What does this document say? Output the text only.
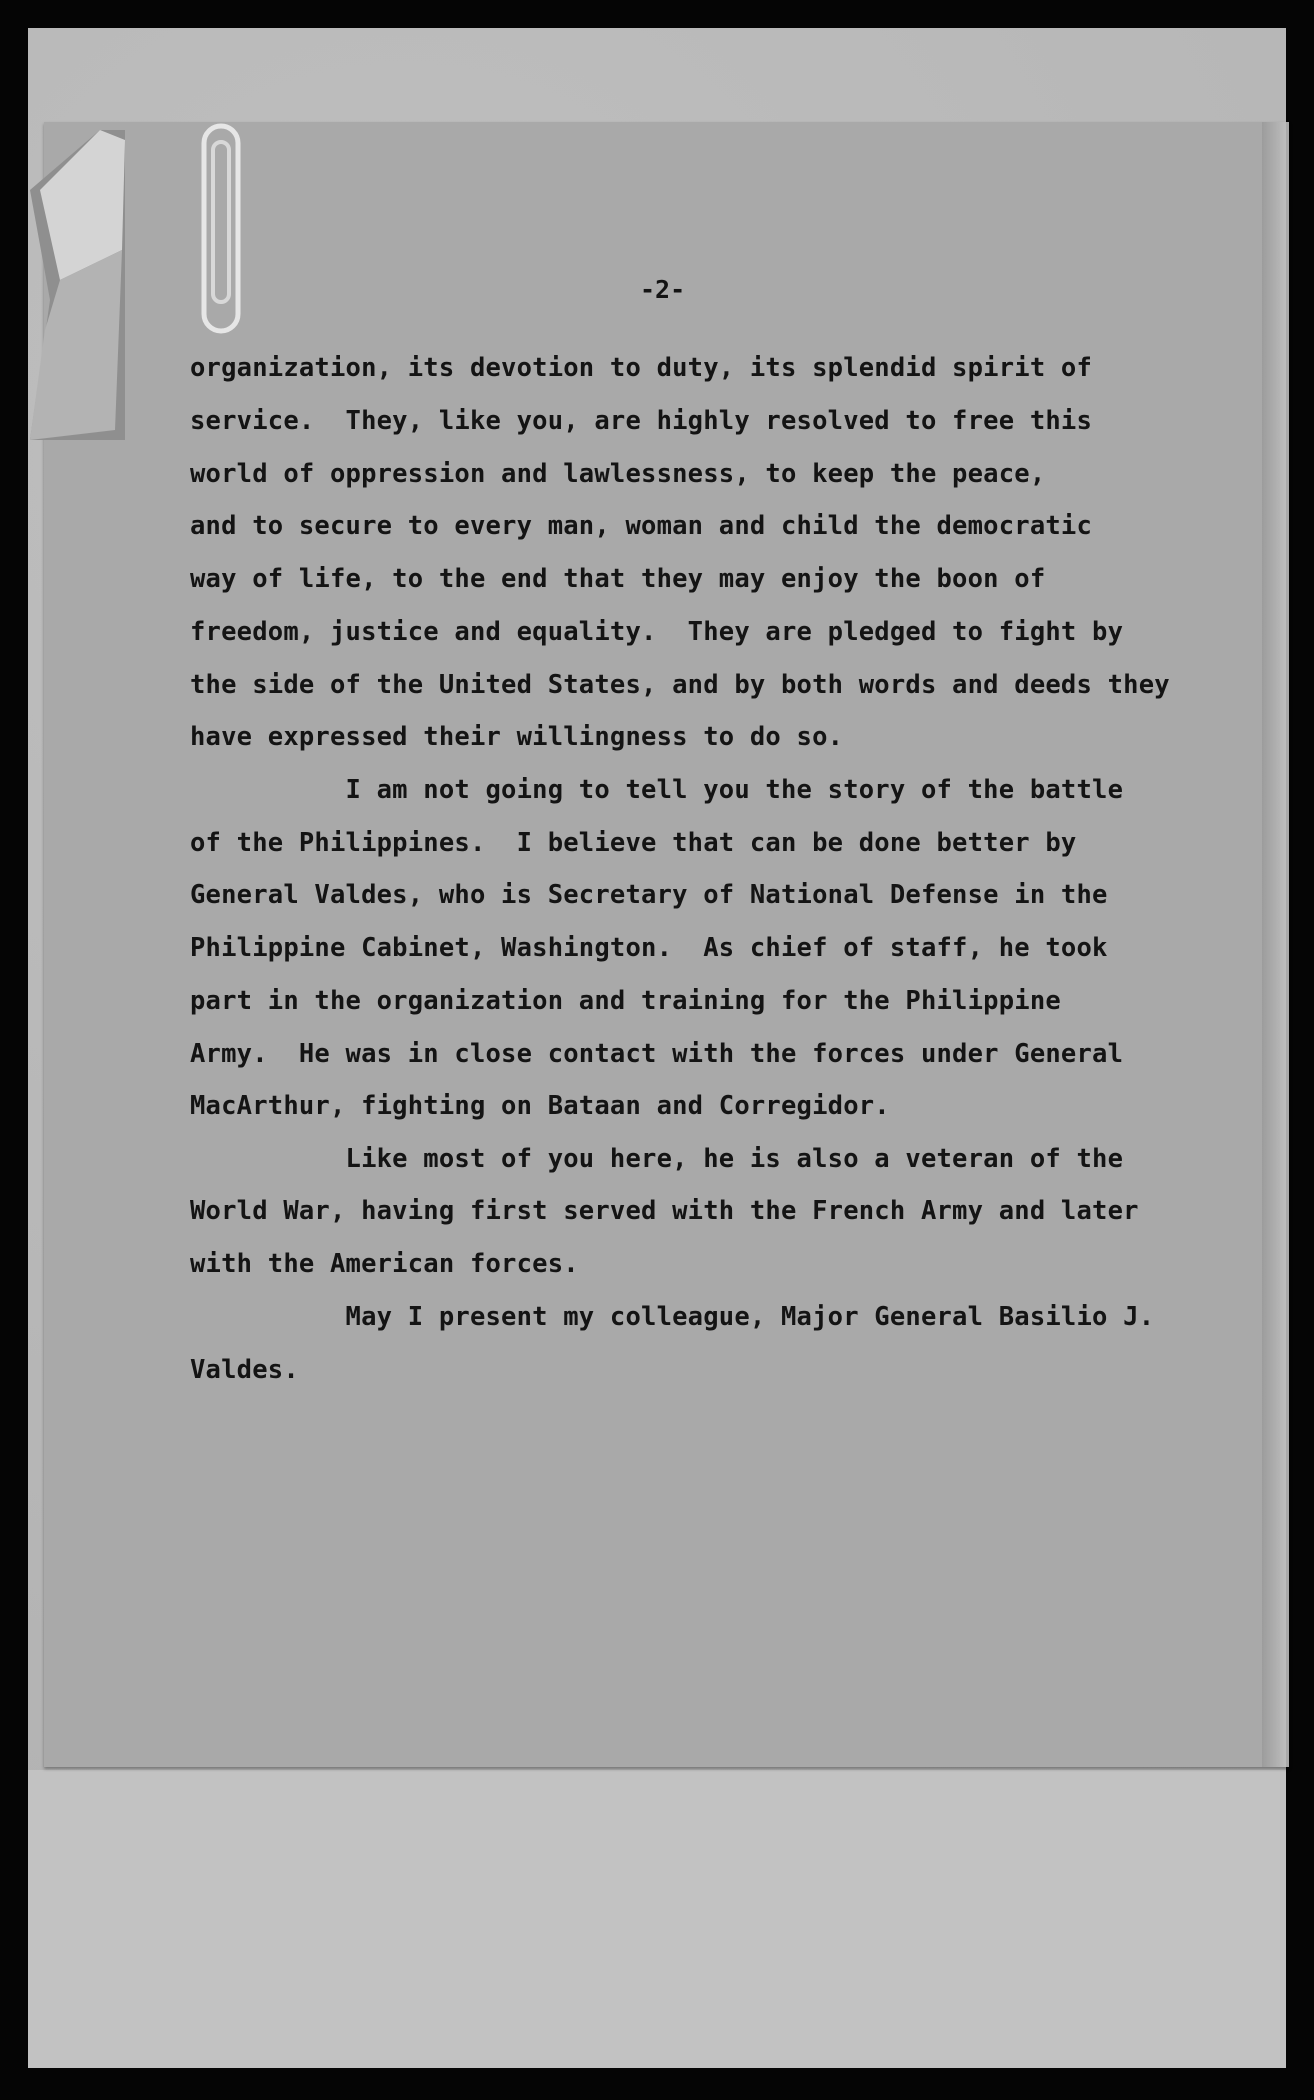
-2-
organization, its devotion to duty, its splendid spirit of
service.  They, like you, are highly resolved to free this
world of oppression and lawlessness, to keep the peace,
and to secure to every man, woman and child the democratic
way of life, to the end that they may enjoy the boon of
freedom, justice and equality.  They are pledged to fight by
the side of the United States, and by both words and deeds they
have expressed their willingness to do so.
I am not going to tell you the story of the battle
of the Philippines.  I believe that can be done better by
General Valdes, who is Secretary of National Defense in the
Philippine Cabinet, Washington.  As chief of staff, he took
part in the organization and training for the Philippine
Army.  He was in close contact with the forces under General
MacArthur, fighting on Bataan and Corregidor.
Like most of you here, he is also a veteran of the
World War, having first served with the French Army and later
with the American forces.
May I present my colleague, Major General Basilio J.
Valdes.
